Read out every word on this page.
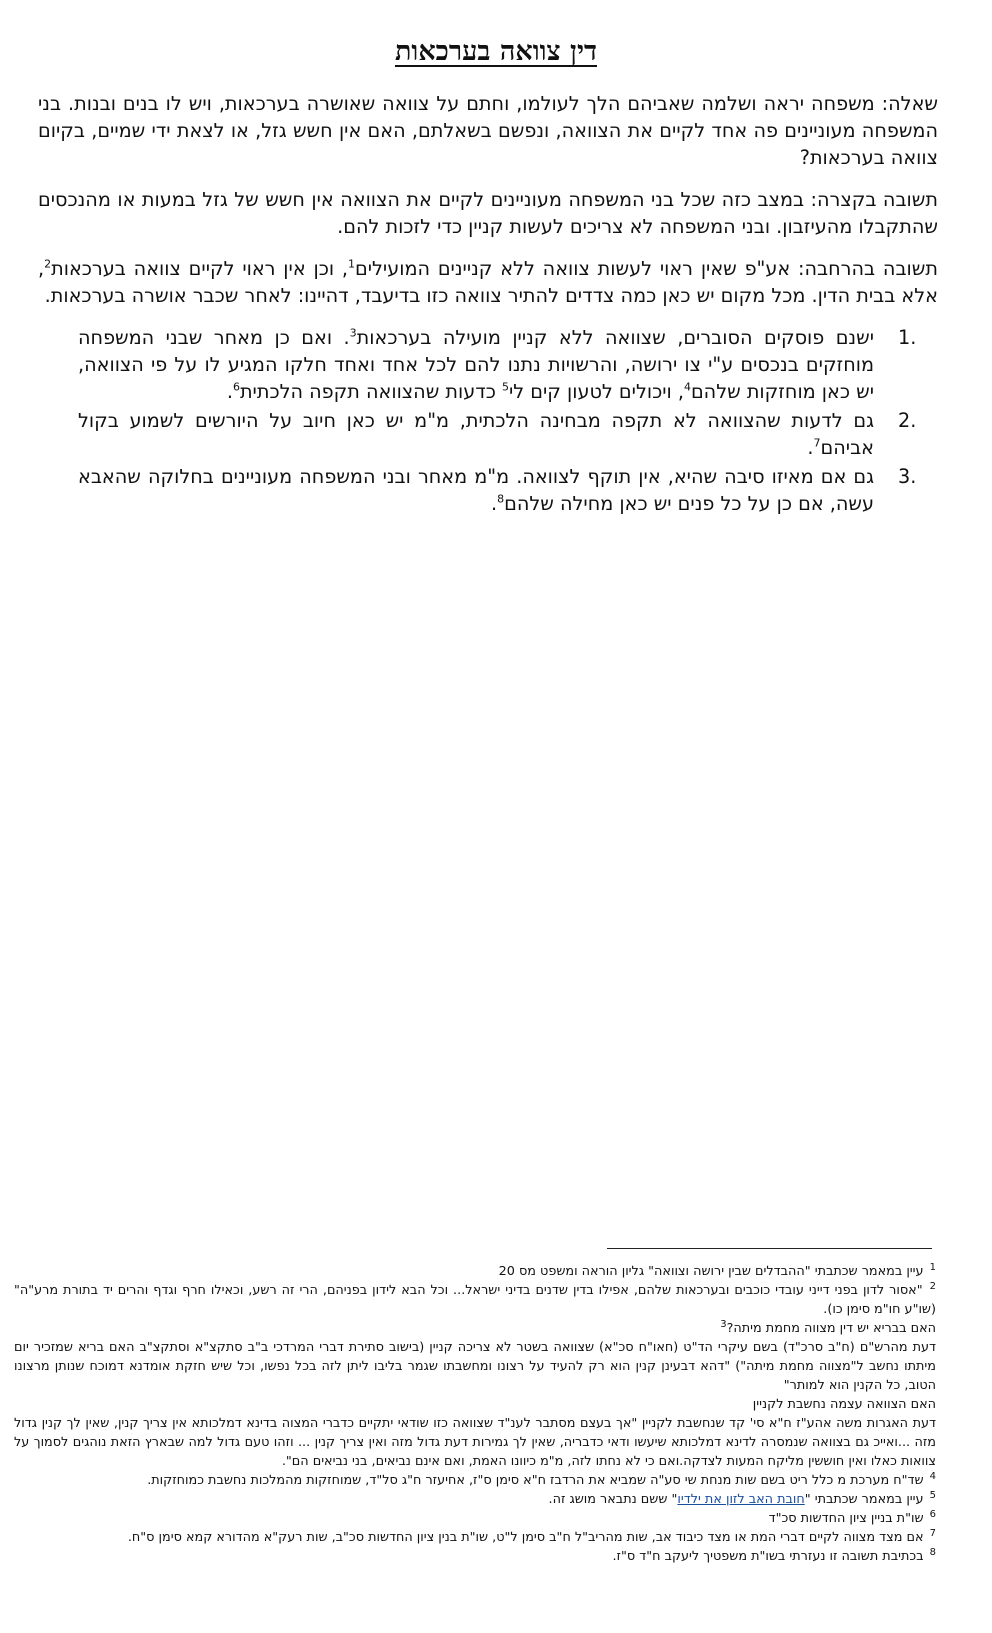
דין צוואה בערכאות

שאלה: משפחה יראה ושלמה שאביהם הלך לעולמו, וחתם על צוואה שאושרה בערכאות, ויש לו בנים ובנות. בני המשפחה מעוניינים פה אחד לקיים את הצוואה, ונפשם בשאלתם, האם אין חשש גזל, או לצאת ידי שמיים, בקיום צוואה בערכאות?

תשובה בקצרה: במצב כזה שכל בני המשפחה מעוניינים לקיים את הצוואה אין חשש של גזל במעות או מהנכסים שהתקבלו מהעיזבון. ובני המשפחה לא צריכים לעשות קניין כדי לזכות להם.

תשובה בהרחבה: אע"פ שאין ראוי לעשות צוואה ללא קניינים המועילים$^1$, וכן אין ראוי לקיים צוואה בערכאות$^2$, אלא בבית הדין. מכל מקום יש כאן כמה צדדים להתיר צוואה כזו בדיעבד, דהיינו: לאחר שכבר אושרה בערכאות.

.1
ישנם פוסקים הסוברים, שצוואה ללא קניין מועילה בערכאות$^3$. ואם כן מאחר שבני המשפחה מוחזקים בנכסים ע"י צו ירושה, והרשויות נתנו להם לכל אחד ואחד חלקו המגיע לו על פי הצוואה, יש כאן מוחזקות שלהם$^4$, ויכולים לטעון קים לי$^5$ כדעות שהצוואה תקפה הלכתית$^6$.
.2
גם לדעות שהצוואה לא תקפה מבחינה הלכתית, מ"מ יש כאן חיוב על היורשים לשמוע בקול אביהם$^7$.
.3
גם אם מאיזו סיבה שהיא, אין תוקף לצוואה. מ"מ מאחר ובני המשפחה מעוניינים בחלוקה שהאבא עשה, אם כן על כל פנים יש כאן מחילה שלהם$^8$.

$^1$ עיין במאמר שכתבתי "ההבדלים שבין ירושה וצוואה" גליון הוראה ומשפט מס 20

$^2$ "אסור לדון בפני דייני עובדי כוכבים ובערכאות שלהם, אפילו בדין שדנים בדיני ישראל... וכל הבא לידון בפניהם, הרי זה רשע, וכאילו חרף וגדף והרים יד בתורת מרע"ה" (שו"ע חו"מ סימן כו).

האם בבריא יש דין מצווה מחמת מיתה?$^3$

דעת מהרש"ם (ח"ב סרכ"ד) בשם עיקרי הד"ט (חאו"ח סכ"א) שצוואה בשטר לא צריכה קניין (בישוב סתירת דברי המרדכי ב"ב סתקצ"א וסתקצ"ב האם בריא שמזכיר יום מיתתו נחשב ל"מצווה מחמת מיתה") "דהא דבעינן קנין הוא רק להעיד על רצונו ומחשבתו שגמר בליבו ליתן לזה בכל נפשו, וכל שיש חזקת אומדנא דמוכח שנותן מרצונו הטוב, כל הקנין הוא למותר"

האם הצוואה עצמה נחשבת לקניין

דעת האגרות משה אהע"ז ח"א סי' קד שנחשבת לקניין "אך בעצם מסתבר לענ"ד שצוואה כזו שודאי יתקיים כדברי המצוה בדינא דמלכותא אין צריך קנין, שאין לך קנין גדול מזה ...ואייכ גם בצוואה שנמסרה לדינא דמלכותא שיעשו ודאי כדבריה, שאין לך גמירות דעת גדול מזה ואין צריך קנין ... וזהו טעם גדול למה שבארץ הזאת נוהגים לסמוך על צוואות כאלו ואין חוששין מליקח המעות לצדקה.ואם כי לא נחתו לזה, מ"מ כיוונו האמת, ואם אינם נביאים, בני נביאים הם".

$^4$ שד"ח מערכת מ כלל ריט בשם שות מנחת שי סע"ה שמביא את הרדבז ח"א סימן ס"ז, אחיעזר ח"ג סל"ד, שמוחזקות מהמלכות נחשבת כמוחזקות.

$^5$ עיין במאמר שכתבתי "חובת האב לזון את ילדיו" ששם נתבאר מושג זה.

$^6$ שו"ת בניין ציון החדשות סכ"ד

$^7$ אם מצד מצווה לקיים דברי המת או מצד כיבוד אב, שות מהריב"ל ח"ב סימן ל"ט, שו"ת בנין ציון החדשות סכ"ב, שות רעק"א מהדורא קמא סימן ס"ח.

$^8$ בכתיבת תשובה זו נעזרתי בשו"ת משפטיך ליעקב ח"ד ס"ז.
